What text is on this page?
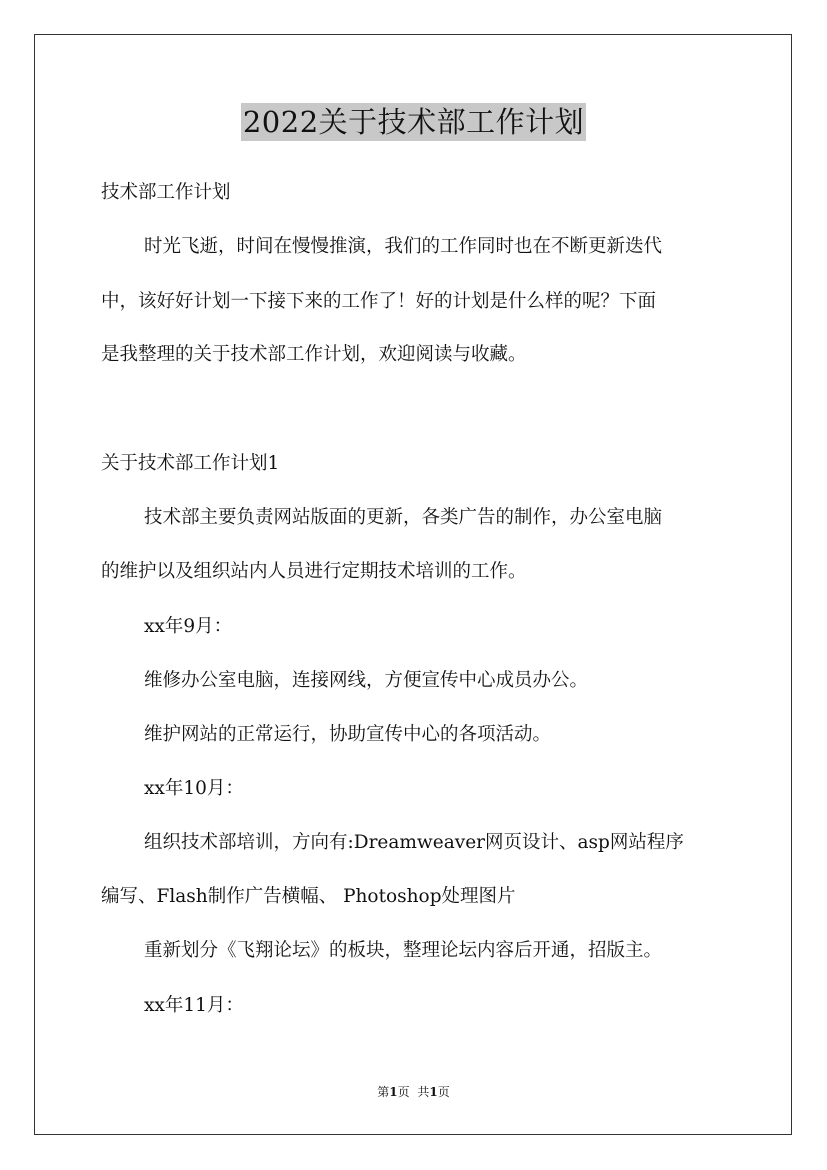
2022关于技术部工作计划
技术部工作计划
时光飞逝，时间在慢慢推演，我们的工作同时也在不断更新迭代
中，该好好计划一下接下来的工作了！好的计划是什么样的呢？下面
是我整理的关于技术部工作计划，欢迎阅读与收藏。
关于技术部工作计划1
技术部主要负责网站版面的更新，各类广告的制作，办公室电脑
的维护以及组织站内人员进行定期技术培训的工作。
xx年9月：
维修办公室电脑，连接网线，方便宣传中心成员办公。
维护网站的正常运行，协助宣传中心的各项活动。
xx年10月：
组织技术部培训，方向有:Dreamweaver网页设计、asp网站程序
编写、Flash制作广告横幅、 Photoshop处理图片
重新划分《飞翔论坛》的板块，整理论坛内容后开通，招版主。
xx年11月：
第1页 共1页
